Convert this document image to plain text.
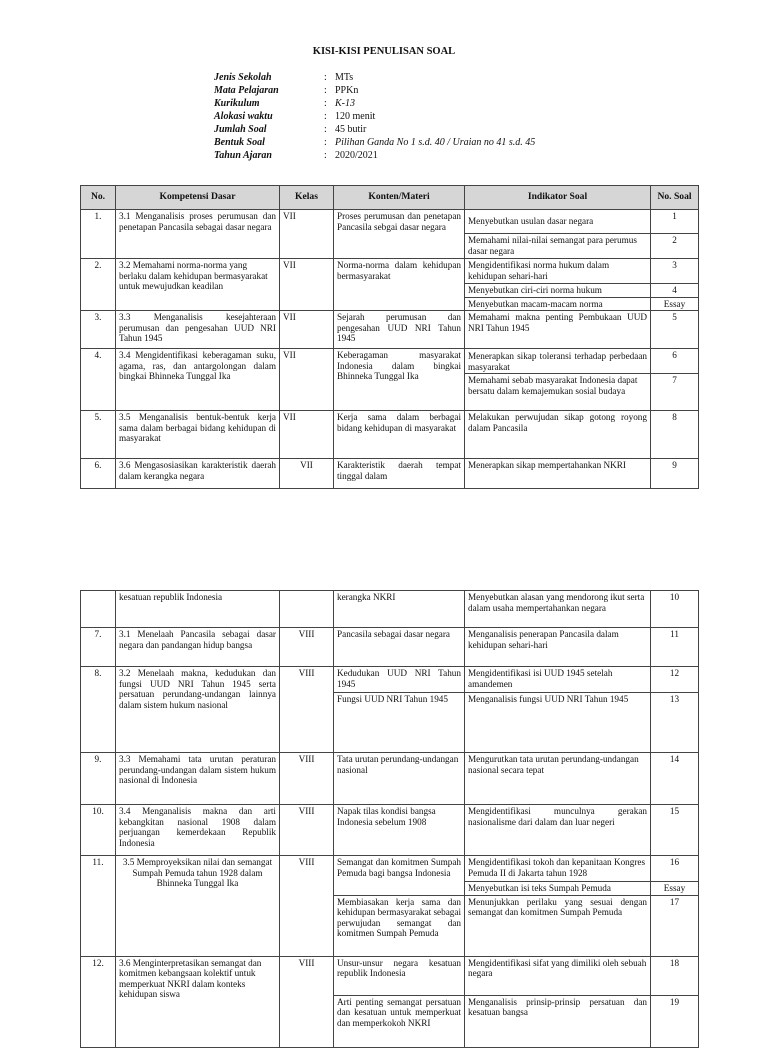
KISI-KISI PENULISAN SOAL
Jenis Sekolah	: MTs
Mata Pelajaran	: PPKn
Kurikulum	: K-13
Alokasi waktu	: 120 menit
Jumlah Soal	: 45 butir
Bentuk Soal	: Pilihan Ganda No 1 s.d. 40 / Uraian no 41 s.d. 45
Tahun Ajaran	: 2020/2021
No.	Kompetensi Dasar	Kelas	Konten/Materi	Indikator Soal	No. Soal
1.	3.1 Menganalisis proses perumusan dan penetapan Pancasila sebagai dasar negara	VII	Proses perumusan dan penetapan Pancasila sebgai dasar negara	Menyebutkan usulan dasar negara	1
				Memahami nilai-nilai semangat para perumus dasar negara	2
2.	3.2 Memahami norma-norma yang berlaku dalam kehidupan bermasyarakat untuk mewujudkan keadilan	VII	Norma-norma dalam kehidupan bermasyarakat	Mengidentifikasi norma hukum dalam kehidupan sehari-hari	3
				Menyebutkan ciri-ciri norma hukum	4
				Menyebutkan macam-macam norma	Essay
3.	3.3 Menganalisis kesejahteraan perumusan dan pengesahan UUD NRI Tahun 1945	VII	Sejarah perumusan dan pengesahan UUD NRI Tahun 1945	Memahami makna penting Pembukaan UUD NRI Tahun 1945	5
4.	3.4 Mengidentifikasi keberagaman suku, agama, ras, dan antargolongan dalam bingkai Bhinneka Tunggal Ika	VII	Keberagaman masyarakat Indonesia dalam bingkai Bhinneka Tunggal Ika	Menerapkan sikap toleransi terhadap perbedaan masyarakat	6
				Memahami sebab masyarakat Indonesia dapat bersatu dalam kemajemukan sosial budaya	7
5.	3.5 Menganalisis bentuk-bentuk kerja sama dalam berbagai bidang kehidupan di masyarakat	VII	Kerja sama dalam berbagai bidang kehidupan di masyarakat	Melakukan perwujudan sikap gotong royong dalam Pancasila	8
6.	3.6 Mengasosiasikan karakteristik daerah dalam kerangka negara	VII	Karakteristik daerah tempat tinggal dalam	Menerapkan sikap mempertahankan NKRI	9
	kesatuan republik Indonesia		kerangka NKRI	Menyebutkan alasan yang mendorong ikut serta dalam usaha mempertahankan negara	10
7.	3.1 Menelaah Pancasila sebagai dasar negara dan pandangan hidup bangsa	VIII	Pancasila sebagai dasar negara	Menganalisis penerapan Pancasila dalam kehidupan sehari-hari	11
8.	3.2 Menelaah makna, kedudukan dan fungsi UUD NRI Tahun 1945 serta persatuan perundang-undangan lainnya dalam sistem hukum nasional	VIII	Kedudukan UUD NRI Tahun 1945	Mengidentifikasi isi UUD 1945 setelah amandemen	12
			Fungsi UUD NRI Tahun 1945	Menganalisis fungsi UUD NRI Tahun 1945	13
9.	3.3 Memahami tata urutan peraturan perundang-undangan dalam sistem hukum nasional di Indonesia	VIII	Tata urutan perundang-undangan nasional	Mengurutkan tata urutan perundang-undangan nasional secara tepat	14
10.	3.4 Menganalisis makna dan arti kebangkitan nasional 1908 dalam perjuangan kemerdekaan Republik Indonesia	VIII	Napak tilas kondisi bangsa Indonesia sebelum 1908	Mengidentifikasi munculnya gerakan nasionalisme dari dalam dan luar negeri	15
11.	3.5 Memproyeksikan nilai dan semangat Sumpah Pemuda tahun 1928 dalam Bhinneka Tunggal Ika	VIII	Semangat dan komitmen Sumpah Pemuda bagi bangsa Indonesia	Mengidentifikasi tokoh dan kepanitaan Kongres Pemuda II di Jakarta tahun 1928	16
				Menyebutkan isi teks Sumpah Pemuda	Essay
			Membiasakan kerja sama dan kehidupan bermasyarakat sebagai perwujudan semangat dan komitmen Sumpah Pemuda	Menunjukkan perilaku yang sesuai dengan semangat dan komitmen Sumpah Pemuda	17
12.	3.6 Menginterpretasikan semangat dan komitmen kebangsaan kolektif untuk memperkuat NKRI dalam konteks kehidupan siswa	VIII	Unsur-unsur negara kesatuan republik Indonesia	Mengidentifikasi sifat yang dimiliki oleh sebuah negara	18
			Arti penting semangat persatuan dan kesatuan untuk memperkuat dan memperkokoh NKRI	Menganalisis prinsip-prinsip persatuan dan kesatuan bangsa	19
